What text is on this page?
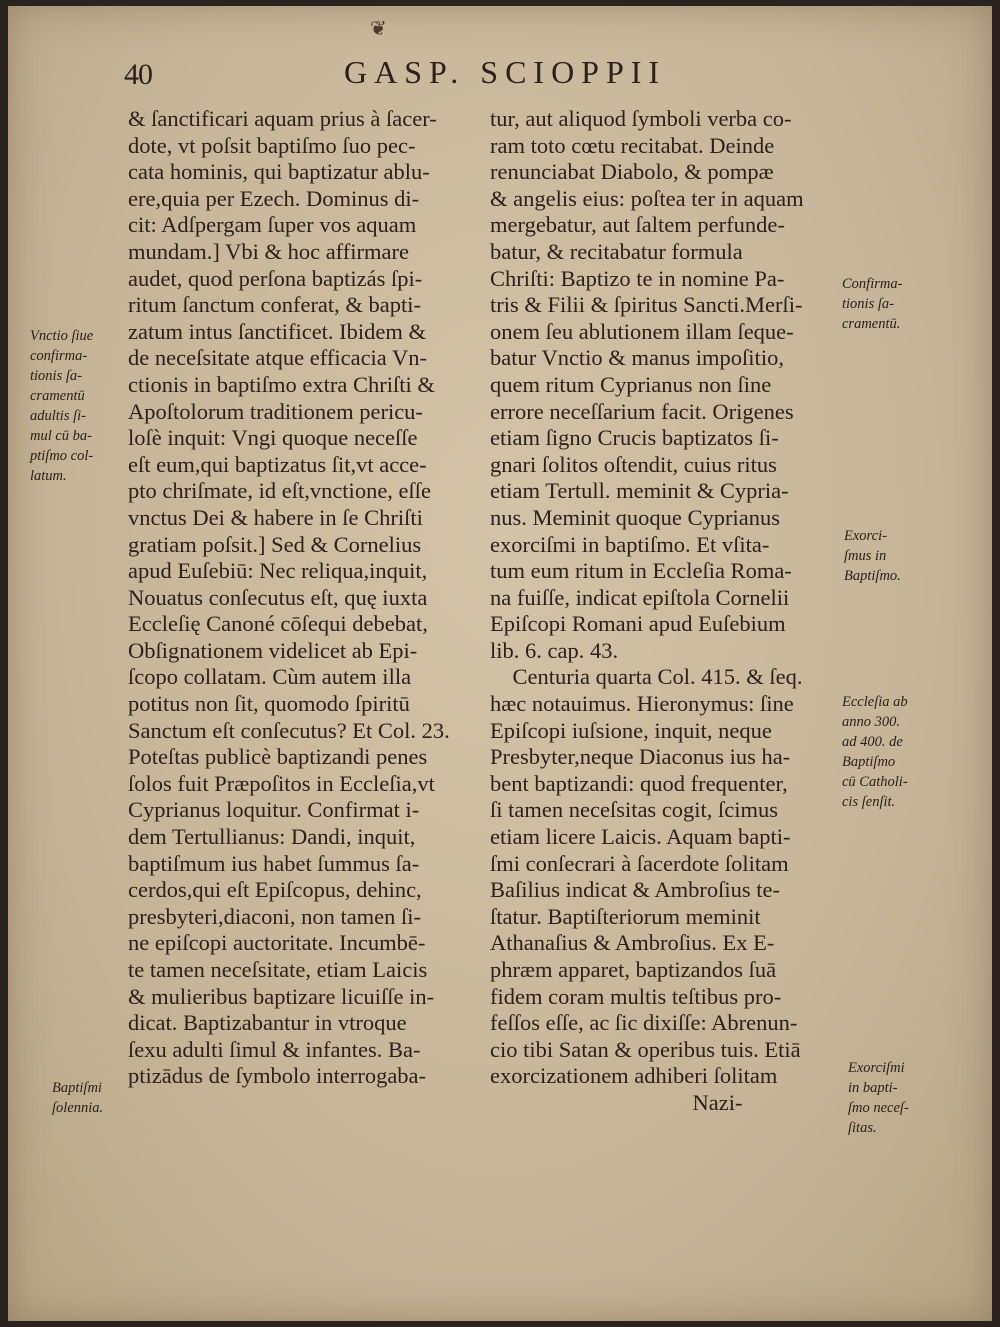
❦
40	GASP. SCIOPPII

& ſanctificari aquam prius à ſacer-

dote, vt poſsit baptiſmo ſuo pec-

cata hominis, qui baptizatur ablu-

ere,quia per Ezech. Dominus di-

cit: Adſpergam ſuper vos aquam

mundam.] Vbi & hoc affirmare

audet, quod perſona baptizás ſpi-

ritum ſanctum conferat, & bapti-

zatum intus ſanctificet. Ibidem &

de neceſsitate atque efficacia Vn-

ctionis in baptiſmo extra Chriſti &

Apoſtolorum traditionem pericu-

loſè inquit: Vngi quoque neceſſe

eſt eum,qui baptizatus ſit,vt acce-

pto chriſmate, id eſt,vnctione, eſſe

vnctus Dei & habere in ſe Chriſti

gratiam poſsit.] Sed & Cornelius

apud Euſebiū: Nec reliqua,inquit,

Nouatus conſecutus eſt, quę iuxta

Eccleſię Canoné cōſequi debebat,

Obſignationem videlicet ab Epi-

ſcopo collatam. Cùm autem illa

potitus non ſit, quomodo ſpiritū

Sanctum eſt conſecutus? Et Col. 23.

Poteſtas publicè baptizandi penes

ſolos fuit Præpoſitos in Eccleſia,vt

Cyprianus loquitur. Confirmat i-

dem Tertullianus: Dandi, inquit,

baptiſmum ius habet ſummus ſa-

cerdos,qui eſt Epiſcopus, dehinc,

presbyteri,diaconi, non tamen ſi-

ne epiſcopi auctoritate. Incumbē-

te tamen neceſsitate, etiam Laicis

& mulieribus baptizare licuiſſe in-

dicat. Baptizabantur in vtroque

ſexu adulti ſimul & infantes. Ba-

ptizādus de ſymbolo interrogaba-

tur, aut aliquod ſymboli verba co-

ram toto cœtu recitabat. Deinde

renunciabat Diabolo, & pompæ

& angelis eius: poſtea ter in aquam

mergebatur, aut ſaltem perfunde-

batur, & recitabatur formula

Chriſti: Baptizo te in nomine Pa-

tris & Filii & ſpiritus Sancti.Merſi-

onem ſeu ablutionem illam ſeque-

batur Vnctio & manus impoſitio,

quem ritum Cyprianus non ſine

errore neceſſarium facit. Origenes

etiam ſigno Crucis baptizatos ſi-

gnari ſolitos oſtendit, cuius ritus

etiam Tertull. meminit & Cypria-

nus. Meminit quoque Cyprianus

exorciſmi in baptiſmo. Et vſita-

tum eum ritum in Eccleſia Roma-

na fuiſſe, indicat epiſtola Cornelii

Epiſcopi Romani apud Euſebium

lib. 6. cap. 43.

Centuria quarta Col. 415. & ſeq.

hæc notauimus. Hieronymus: ſine

Epiſcopi iuſsione, inquit, neque

Presbyter,neque Diaconus ius ha-

bent baptizandi: quod frequenter,

ſi tamen neceſsitas cogit, ſcimus

etiam licere Laicis. Aquam bapti-

ſmi conſecrari à ſacerdote ſolitam

Baſilius indicat & Ambroſius te-

ſtatur. Baptiſteriorum meminit

Athanaſius & Ambroſius. Ex E-

phræm apparet, baptizandos ſuā

fidem coram multis teſtibus pro-

feſſos eſſe, ac ſic dixiſſe: Abrenun-

cio tibi Satan & operibus tuis. Etiā

exorcizationem adhiberi ſolitam

Nazi-

Vnctio ſiue
confirma-
tionis ſa-
cramentū
adultis ſi-
mul cū ba-
ptiſmo col-
latum.
Baptiſmi
ſolennia.
Confirma-
tionis ſa-
cramentū.
Exorci-
ſmus in
Baptiſmo.
Eccleſia ab
anno 300.
ad 400. de
Baptiſmo
cū Catholi-
cis ſenſit.
Exorciſmi
in bapti-
ſmo neceſ-
ſitas.
